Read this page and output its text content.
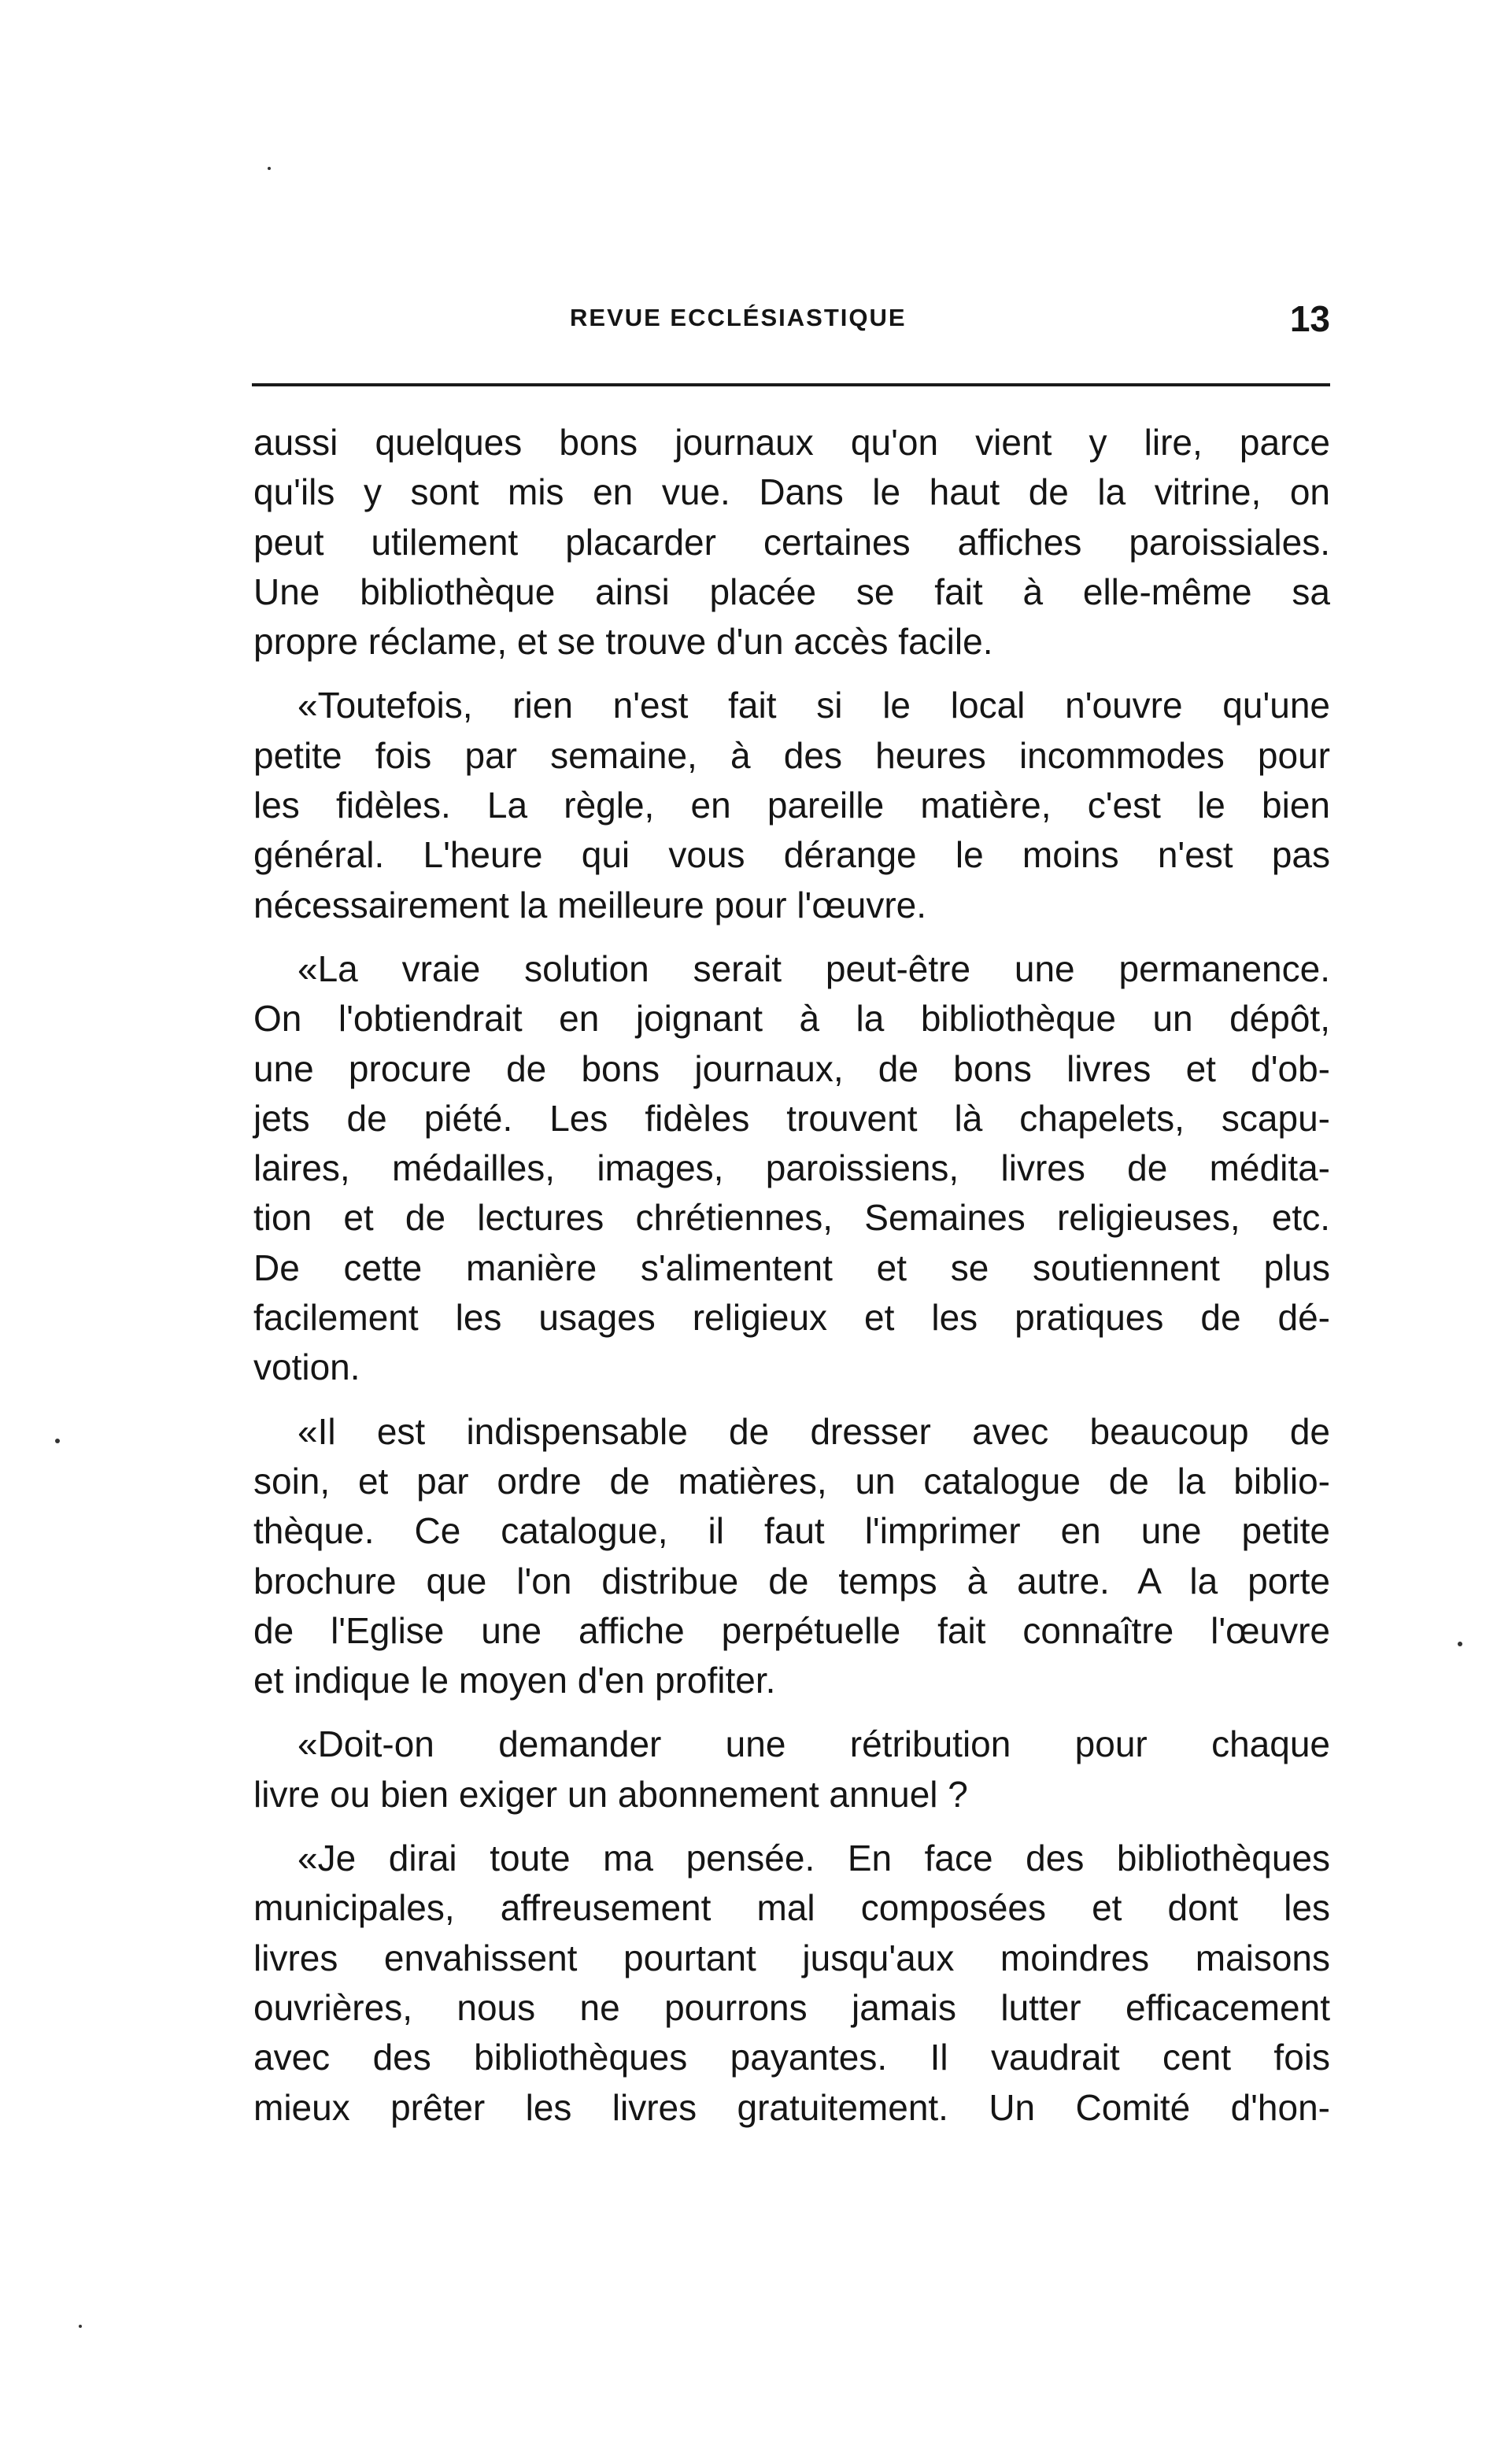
REVUE ECCLÉSIASTIQUE	13

aussi quelques bons journaux qu'on vient y lire, parce
qu'ils y sont mis en vue. Dans le haut de la vitrine, on
peut utilement placarder certaines affiches paroissiales.
Une bibliothèque ainsi placée se fait à elle-même sa
propre réclame, et se trouve d'un accès facile.

«Toutefois, rien n'est fait si le local n'ouvre qu'une
petite fois par semaine, à des heures incommodes pour
les fidèles. La règle, en pareille matière, c'est le bien
général. L'heure qui vous dérange le moins n'est pas
nécessairement la meilleure pour l'œuvre.

«La vraie solution serait peut-être une permanence.
On l'obtiendrait en joignant à la bibliothèque un dépôt,
une procure de bons journaux, de bons livres et d'ob-
jets de piété. Les fidèles trouvent là chapelets, scapu-
laires, médailles, images, paroissiens, livres de médita-
tion et de lectures chrétiennes, Semaines religieuses, etc.
De cette manière s'alimentent et se soutiennent plus
facilement les usages religieux et les pratiques de dé-
votion.

«Il est indispensable de dresser avec beaucoup de
soin, et par ordre de matières, un catalogue de la biblio-
thèque. Ce catalogue, il faut l'imprimer en une petite
brochure que l'on distribue de temps à autre. A la porte
de l'Eglise une affiche perpétuelle fait connaître l'œuvre
et indique le moyen d'en profiter.

«Doit-on demander une rétribution pour chaque
livre ou bien exiger un abonnement annuel ?

«Je dirai toute ma pensée. En face des bibliothèques
municipales, affreusement mal composées et dont les
livres envahissent pourtant jusqu'aux moindres maisons
ouvrières, nous ne pourrons jamais lutter efficacement
avec des bibliothèques payantes. Il vaudrait cent fois
mieux prêter les livres gratuitement. Un Comité d'hon-
